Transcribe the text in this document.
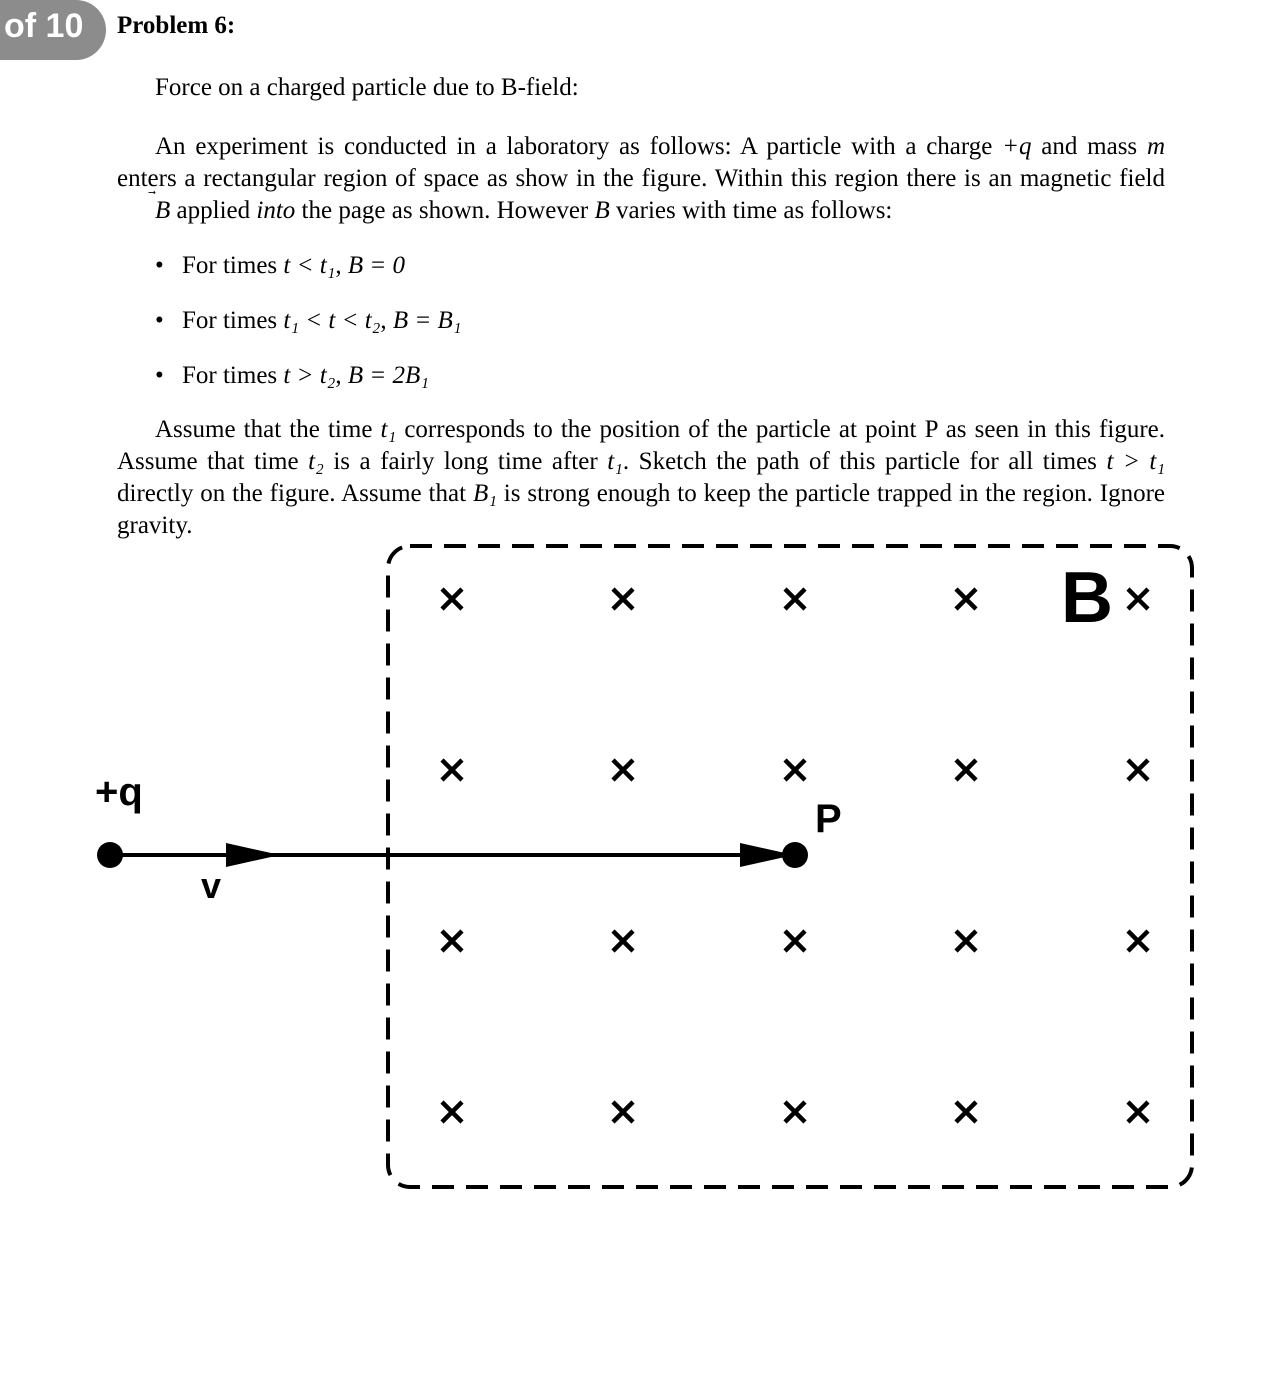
of 10	Problem 6:

Force on a charged particle due to B-field:

An experiment is conducted in a laboratory as follows: A particle with a charge +q and mass m enters a rectangular region of space as show in the figure. Within this region there is an magnetic field
B applied into the page as shown. However B varies with time as follows:

• For times t < t₁, B = 0
• For times t₁ < t < t₂, B = B₁
• For times t > t₂, B = 2B₁

Assume that the time t₁ corresponds to the position of the particle at point P as seen in this figure. Assume that time t₂ is a fairly long time after t₁. Sketch the path of this particle for all times t > t₁ directly on the figure. Assume that B₁ is strong enough to keep the particle trapped in the region. Ignore gravity.

+q
v
P
B
